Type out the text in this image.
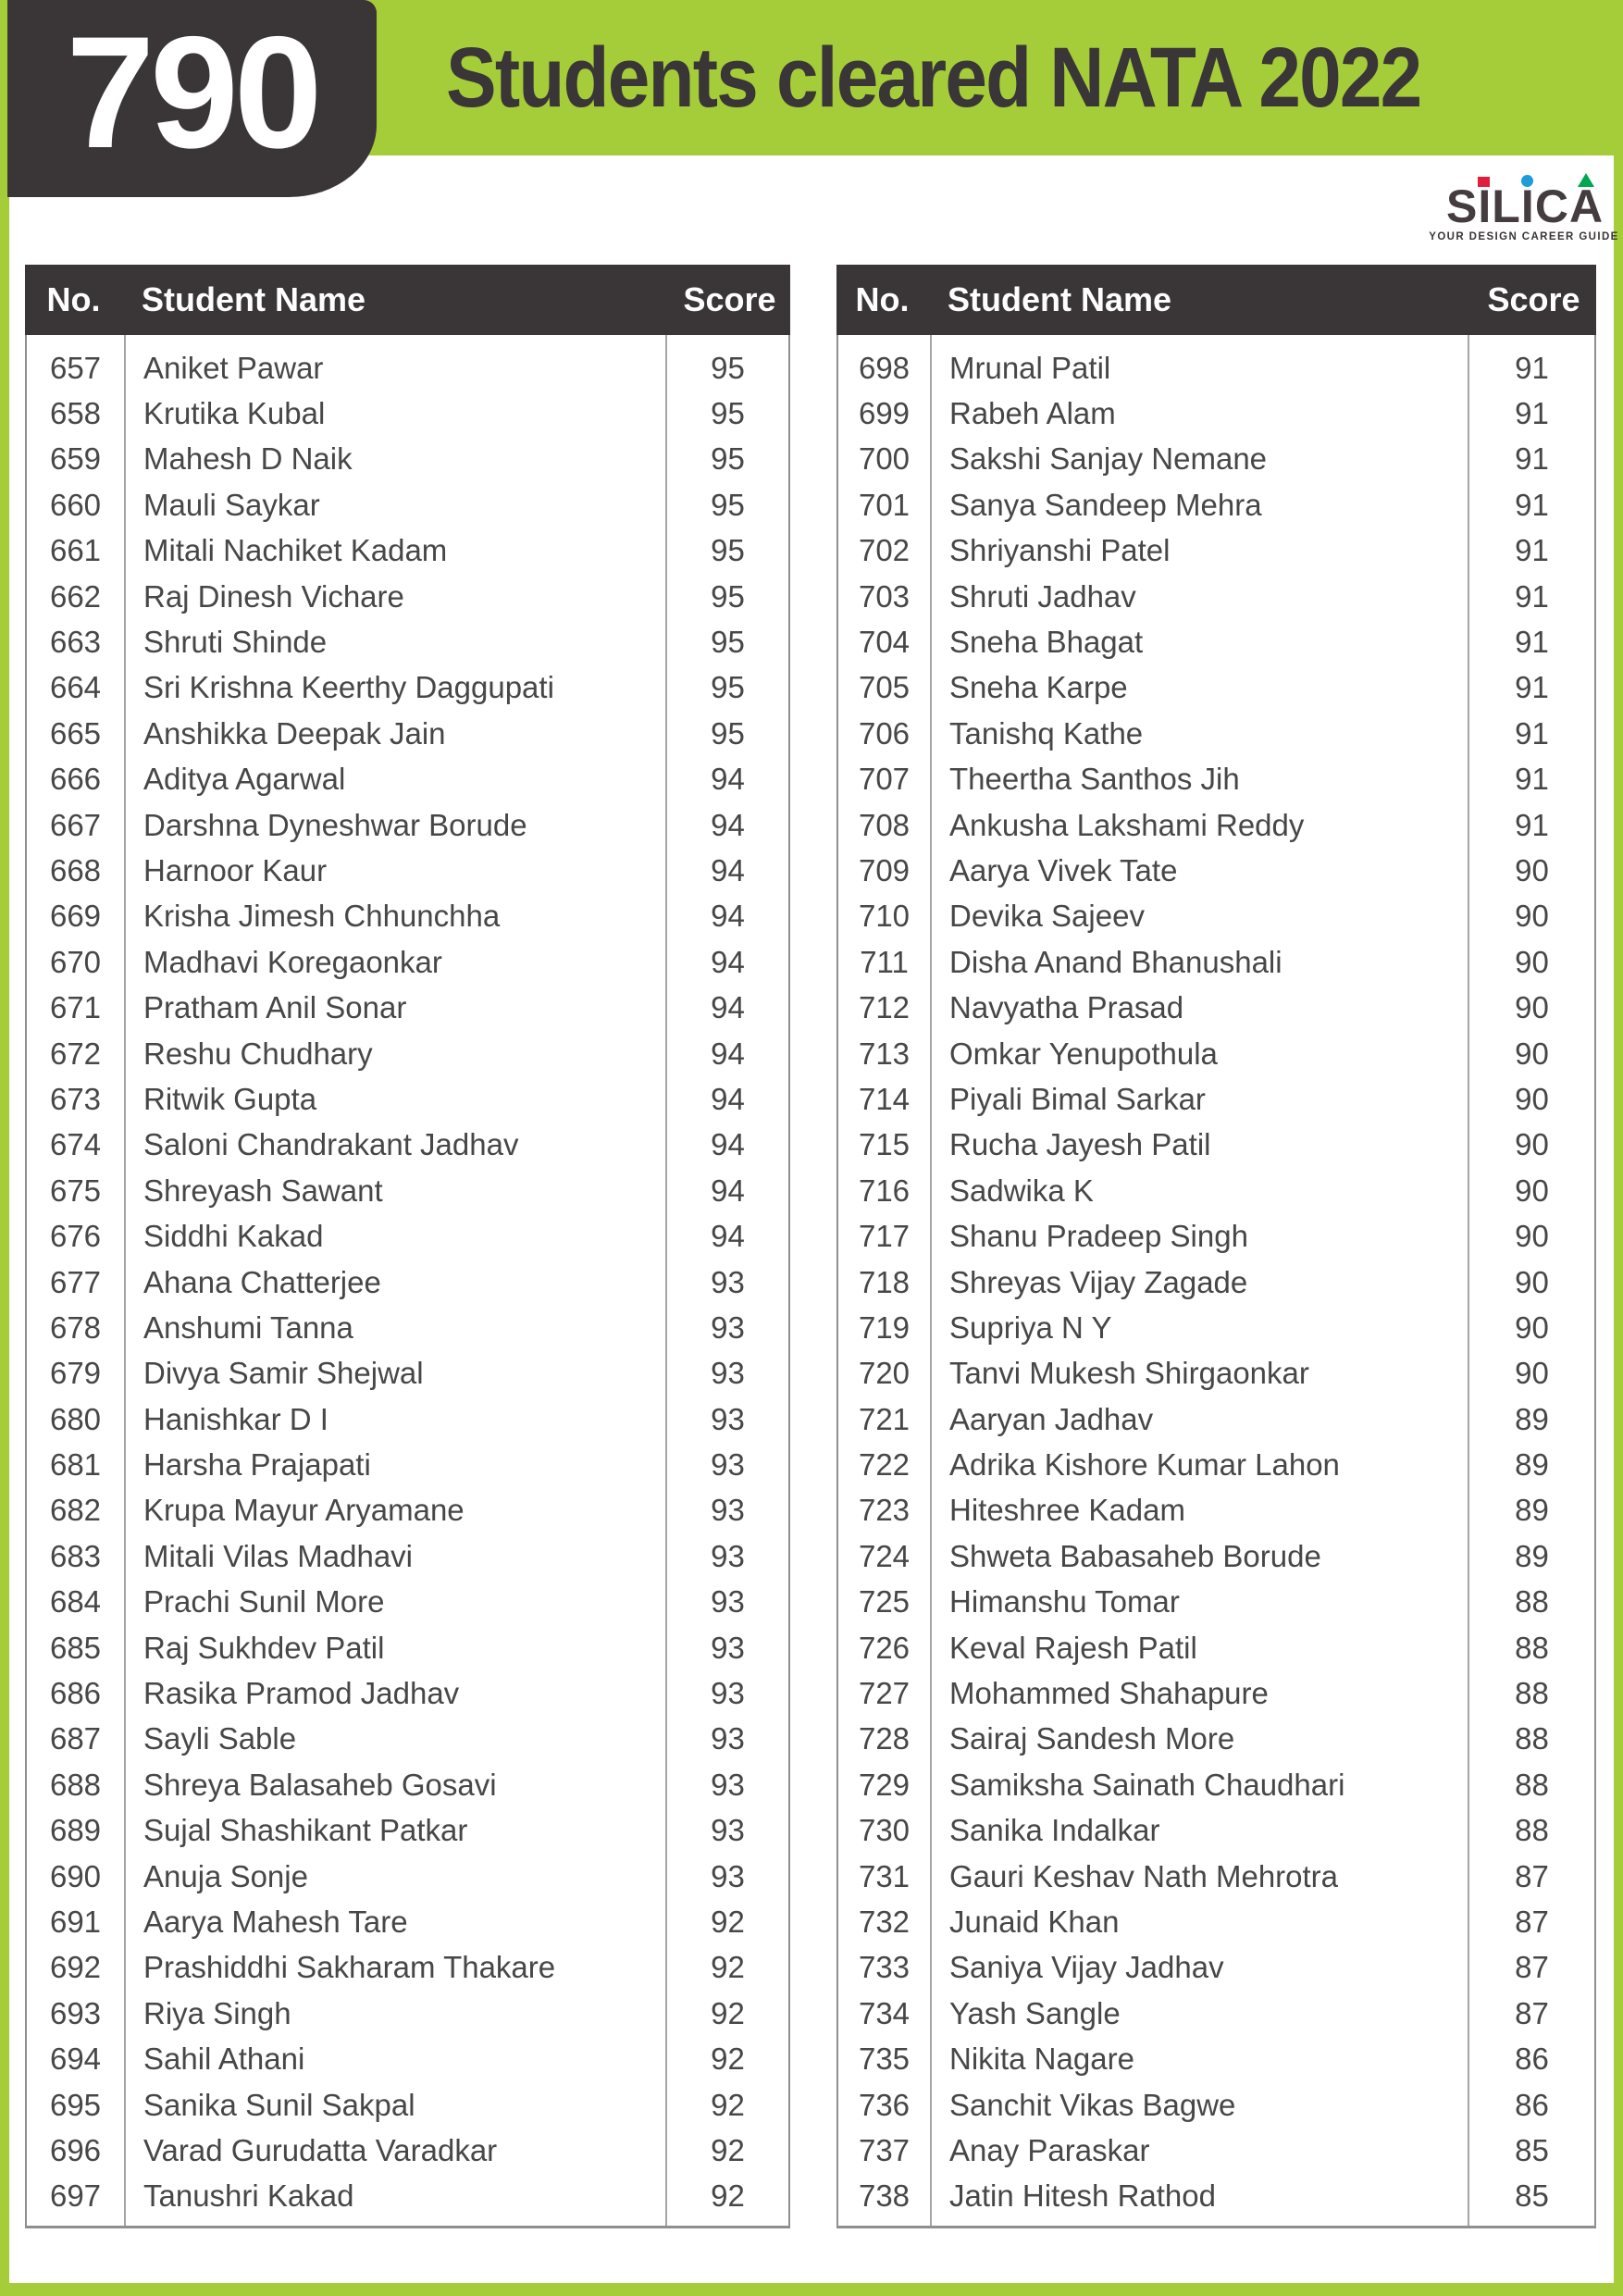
790 Students cleared NATA 2022
S I L I C A
YOUR DESIGN CAREER GUIDE
No.	Student Name	Score
657	Aniket Pawar	95
658	Krutika Kubal	95
659	Mahesh D Naik	95
660	Mauli Saykar	95
661	Mitali Nachiket Kadam	95
662	Raj Dinesh Vichare	95
663	Shruti Shinde	95
664	Sri Krishna Keerthy Daggupati	95
665	Anshikka Deepak Jain	95
666	Aditya Agarwal	94
667	Darshna Dyneshwar Borude	94
668	Harnoor Kaur	94
669	Krisha Jimesh Chhunchha	94
670	Madhavi Koregaonkar	94
671	Pratham Anil Sonar	94
672	Reshu Chudhary	94
673	Ritwik Gupta	94
674	Saloni Chandrakant Jadhav	94
675	Shreyash Sawant	94
676	Siddhi Kakad	94
677	Ahana Chatterjee	93
678	Anshumi Tanna	93
679	Divya Samir Shejwal	93
680	Hanishkar D I	93
681	Harsha Prajapati	93
682	Krupa Mayur Aryamane	93
683	Mitali Vilas Madhavi	93
684	Prachi Sunil More	93
685	Raj Sukhdev Patil	93
686	Rasika Pramod Jadhav	93
687	Sayli Sable	93
688	Shreya Balasaheb Gosavi	93
689	Sujal Shashikant Patkar	93
690	Anuja Sonje	93
691	Aarya Mahesh Tare	92
692	Prashiddhi Sakharam Thakare	92
693	Riya Singh	92
694	Sahil Athani	92
695	Sanika Sunil Sakpal	92
696	Varad Gurudatta Varadkar	92
697	Tanushri Kakad	92
No.	Student Name	Score
698	Mrunal Patil	91
699	Rabeh Alam	91
700	Sakshi Sanjay Nemane	91
701	Sanya Sandeep Mehra	91
702	Shriyanshi Patel	91
703	Shruti Jadhav	91
704	Sneha Bhagat	91
705	Sneha Karpe	91
706	Tanishq Kathe	91
707	Theertha Santhos Jih	91
708	Ankusha Lakshami Reddy	91
709	Aarya Vivek Tate	90
710	Devika Sajeev	90
711	Disha Anand Bhanushali	90
712	Navyatha Prasad	90
713	Omkar Yenupothula	90
714	Piyali Bimal Sarkar	90
715	Rucha Jayesh Patil	90
716	Sadwika K	90
717	Shanu Pradeep Singh	90
718	Shreyas Vijay Zagade	90
719	Supriya N Y	90
720	Tanvi Mukesh Shirgaonkar	90
721	Aaryan Jadhav	89
722	Adrika Kishore Kumar Lahon	89
723	Hiteshree Kadam	89
724	Shweta Babasaheb Borude	89
725	Himanshu Tomar	88
726	Keval Rajesh Patil	88
727	Mohammed Shahapure	88
728	Sairaj Sandesh More	88
729	Samiksha Sainath Chaudhari	88
730	Sanika Indalkar	88
731	Gauri Keshav Nath Mehrotra	87
732	Junaid Khan	87
733	Saniya Vijay Jadhav	87
734	Yash Sangle	87
735	Nikita Nagare	86
736	Sanchit Vikas Bagwe	86
737	Anay Paraskar	85
738	Jatin Hitesh Rathod	85
